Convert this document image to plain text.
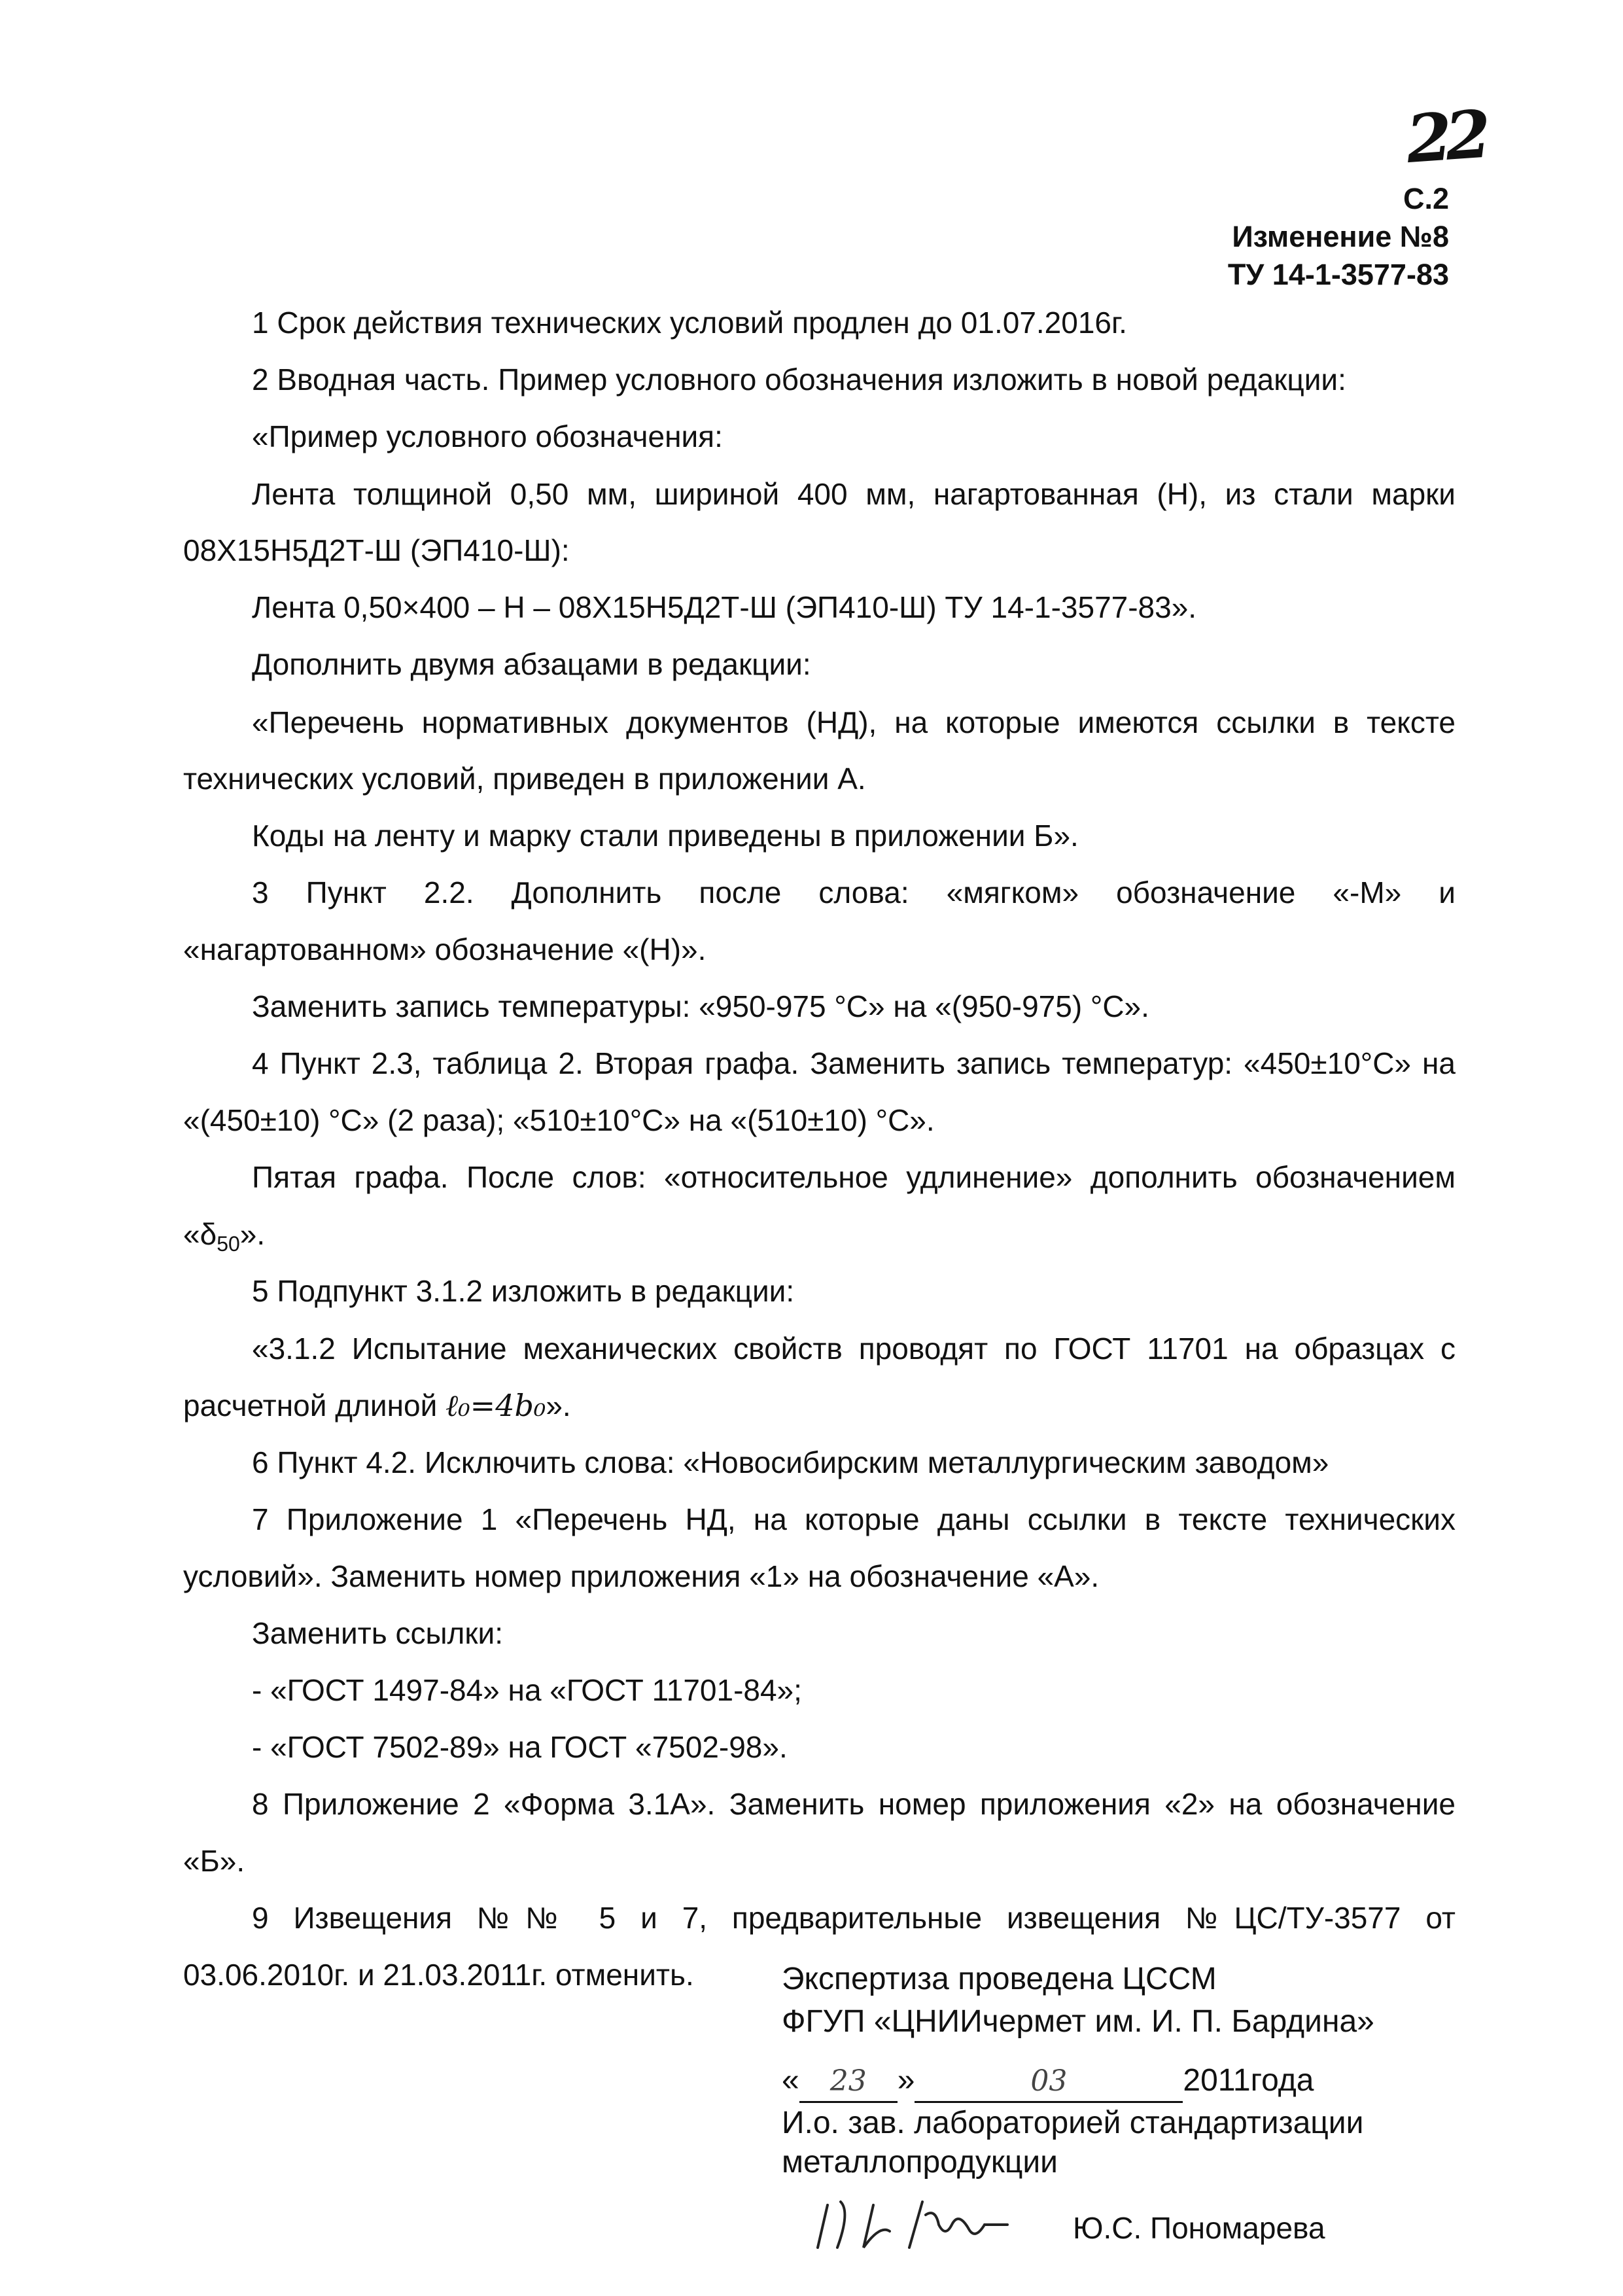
22
С.2
Изменение №8
ТУ 14-1-3577-83
1 Срок действия технических условий продлен до 01.07.2016г.
2 Вводная часть. Пример условного обозначения изложить в новой редакции:
«Пример условного обозначения:
Лента толщиной 0,50 мм, шириной 400 мм, нагартованная (Н), из стали марки
08Х15Н5Д2Т-Ш (ЭП410-Ш):
Лента 0,50×400 – Н – 08Х15Н5Д2Т-Ш (ЭП410-Ш) ТУ 14-1-3577-83».
Дополнить двумя абзацами в редакции:
«Перечень нормативных документов (НД), на которые имеются ссылки в тексте
технических условий, приведен в приложении А.
Коды на ленту и марку стали приведены в приложении Б».
3 Пункт 2.2. Дополнить после слова: «мягком» обозначение «-М» и
«нагартованном» обозначение «(Н)».
Заменить запись температуры: «950-975 °С» на «(950-975) °С».
4 Пункт 2.3, таблица 2. Вторая графа. Заменить запись температур: «450±10°С» на
«(450±10) °С» (2 раза); «510±10°С» на «(510±10) °С».
Пятая графа. После слов: «относительное удлинение» дополнить обозначением
«$\delta_{50}$».
5 Подпункт 3.1.2 изложить в редакции:
«3.1.2 Испытание механических свойств проводят по ГОСТ 11701 на образцах с
расчетной длиной ℓ₀=4b₀».
6 Пункт 4.2. Исключить слова: «Новосибирским металлургическим заводом»
7 Приложение 1 «Перечень НД, на которые даны ссылки в тексте технических
условий». Заменить номер приложения «1» на обозначение «А».
Заменить ссылки:
- «ГОСТ 1497-84» на «ГОСТ 11701-84»;
- «ГОСТ 7502-89» на ГОСТ «7502-98».
8 Приложение 2 «Форма 3.1А». Заменить номер приложения «2» на обозначение
«Б».
9 Извещения №№ 5 и 7, предварительные извещения №ЦС/ТУ-3577 от
03.06.2010г. и 21.03.2011г. отменить.	Экспертиза проведена ЦССМ
ФГУП «ЦНИИчермет им. И. П. Бардина»
« 23 »	03	2011года
И.о. зав. лабораторией стандартизации
металлопродукции
Ю.С. Пономарева
